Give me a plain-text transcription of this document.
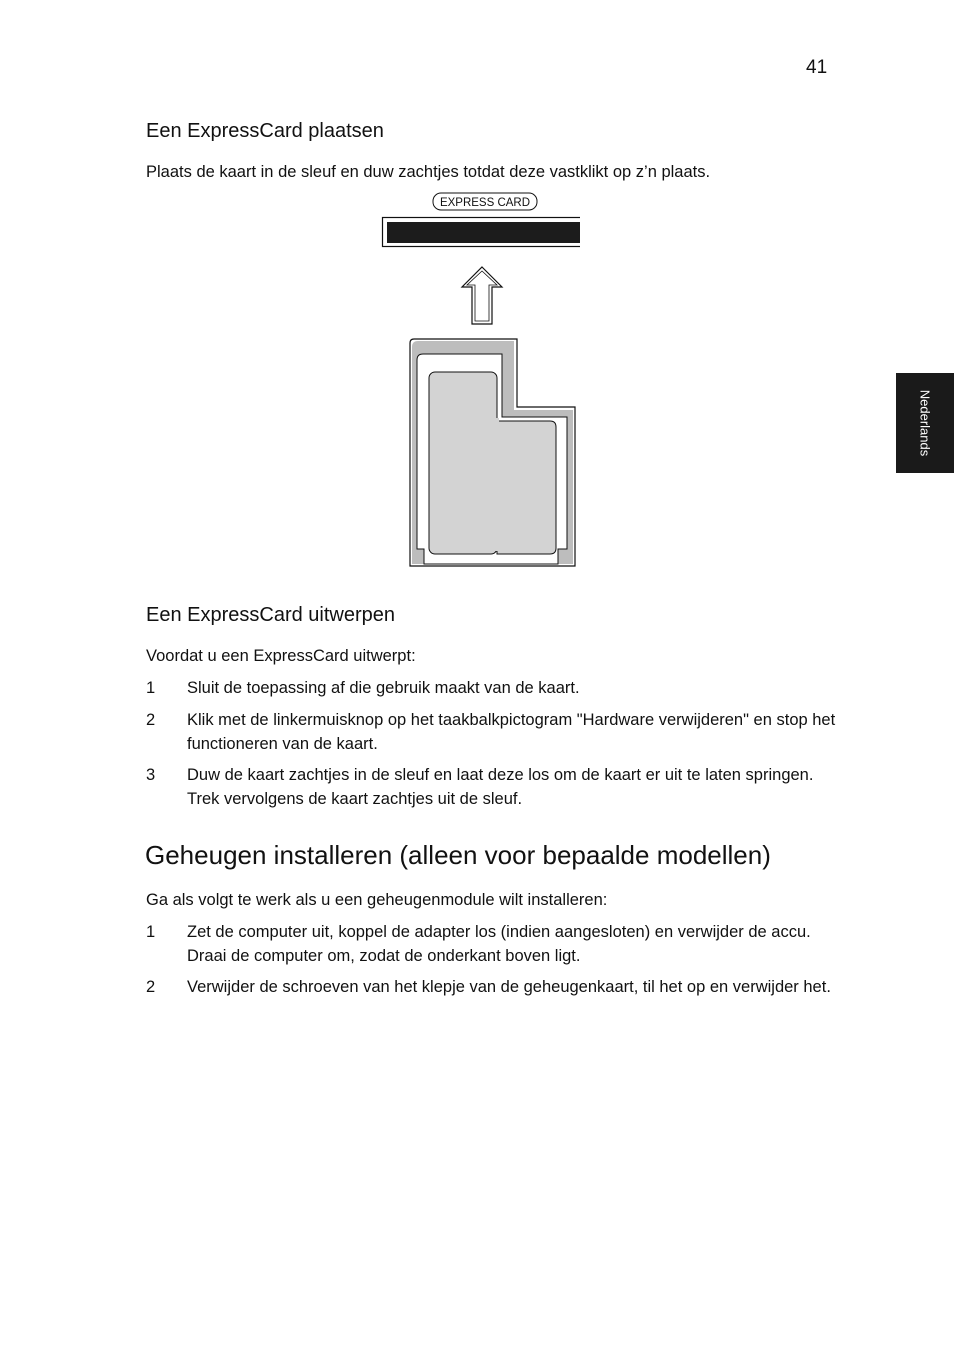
41
Nederlands
Een ExpressCard plaatsen
Plaats de kaart in de sleuf en duw zachtjes totdat deze vastklikt op z’n plaats.
EXPRESS CARD
Een ExpressCard uitwerpen
Voordat u een ExpressCard uitwerpt:
1 Sluit de toepassing af die gebruik maakt van de kaart.
2 Klik met de linkermuisknop op het taakbalkpictogram "Hardware verwijderen" en stop het functioneren van de kaart.
3 Duw de kaart zachtjes in de sleuf en laat deze los om de kaart er uit te laten springen. Trek vervolgens de kaart zachtjes uit de sleuf.
Geheugen installeren (alleen voor bepaalde modellen)
Ga als volgt te werk als u een geheugenmodule wilt installeren:
1 Zet de computer uit, koppel de adapter los (indien aangesloten) en verwijder de accu. Draai de computer om, zodat de onderkant boven ligt.
2 Verwijder de schroeven van het klepje van de geheugenkaart, til het op en verwijder het.
